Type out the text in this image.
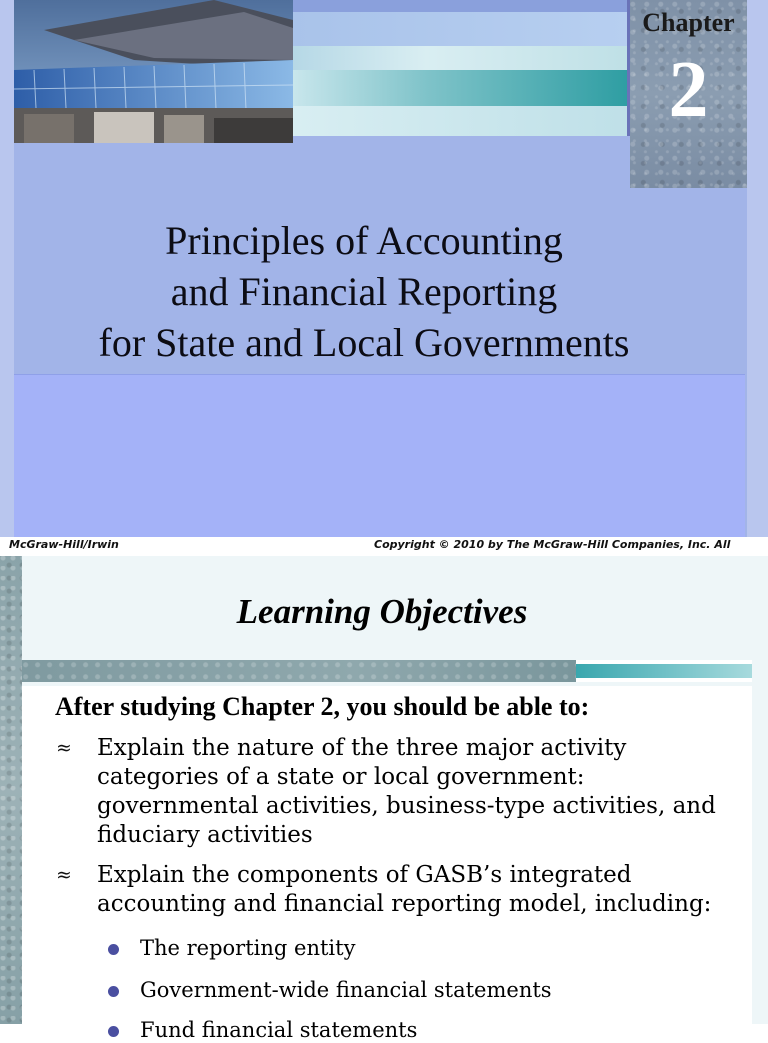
Chapter
2
Principles of Accounting
and Financial Reporting
for State and Local Governments
McGraw-Hill/Irwin	Copyright © 2010 by The McGraw-Hill Companies, Inc. All
Learning Objectives
After studying Chapter 2, you should be able to:
≈ Explain the nature of the three major activity categories of a state or local government: governmental activities, business-type activities, and fiduciary activities
≈ Explain the components of GASB’s integrated accounting and financial reporting model, including:
The reporting entity
Government-wide financial statements
Fund financial statements
